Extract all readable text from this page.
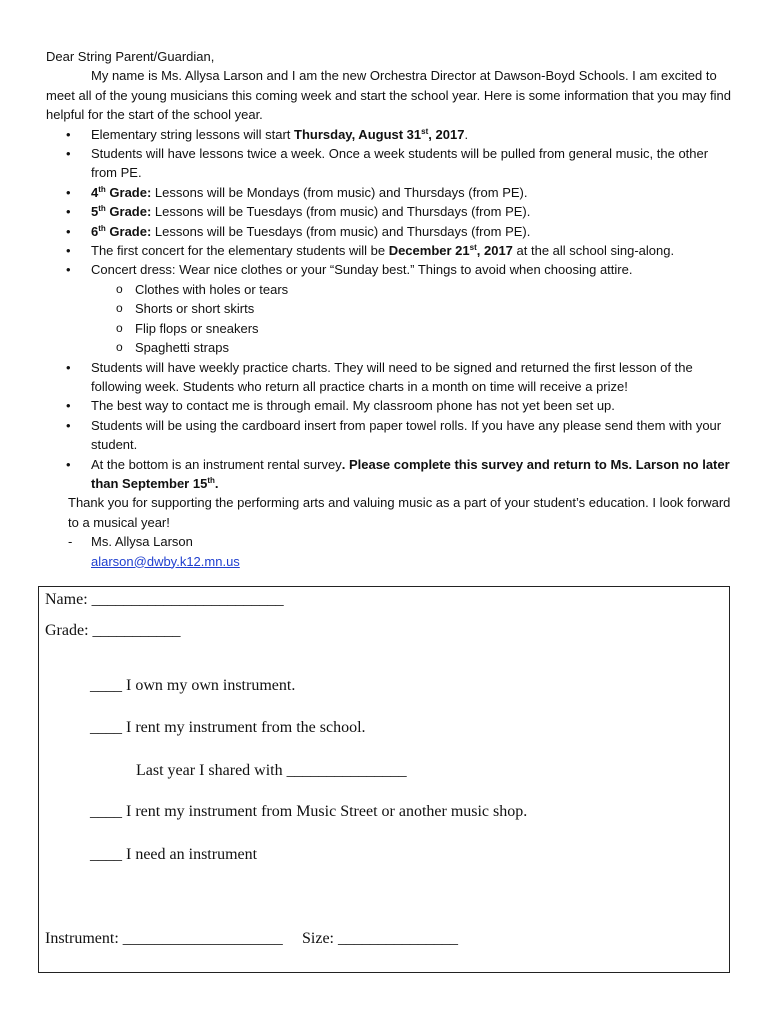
Dear String Parent/Guardian,

My name is Ms. Allysa Larson and I am the new Orchestra Director at Dawson-Boyd Schools. I am excited to meet all of the young musicians this coming week and start the school year. Here is some information that you may find helpful for the start of the school year.

• Elementary string lessons will start Thursday, August 31st, 2017.
• Students will have lessons twice a week. Once a week students will be pulled from general music, the other from PE.
• 4th Grade: Lessons will be Mondays (from music) and Thursdays (from PE).
• 5th Grade: Lessons will be Tuesdays (from music) and Thursdays (from PE).
• 6th Grade: Lessons will be Tuesdays (from music) and Thursdays (from PE).
• The first concert for the elementary students will be December 21st, 2017 at the all school sing-along.
• Concert dress: Wear nice clothes or your “Sunday best.” Things to avoid when choosing attire.
o Clothes with holes or tears
o Shorts or short skirts
o Flip flops or sneakers
o Spaghetti straps
• Students will have weekly practice charts. They will need to be signed and returned the first lesson of the following week. Students who return all practice charts in a month on time will receive a prize!
• The best way to contact me is through email. My classroom phone has not yet been set up.
• Students will be using the cardboard insert from paper towel rolls. If you have any please send them with your student.
• At the bottom is an instrument rental survey. Please complete this survey and return to Ms. Larson no later than September 15th.

Thank you for supporting the performing arts and valuing music as a part of your student’s education. I look forward to a musical year!

- Ms. Allysa Larson

alarson@dwby.k12.mn.us

Name: ________________________
Grade: ___________
____ I own my own instrument.
____ I rent my instrument from the school.
Last year I shared with _______________
____ I rent my instrument from Music Street or another music shop.
____ I need an instrument
Instrument: ____________________ Size: _______________
